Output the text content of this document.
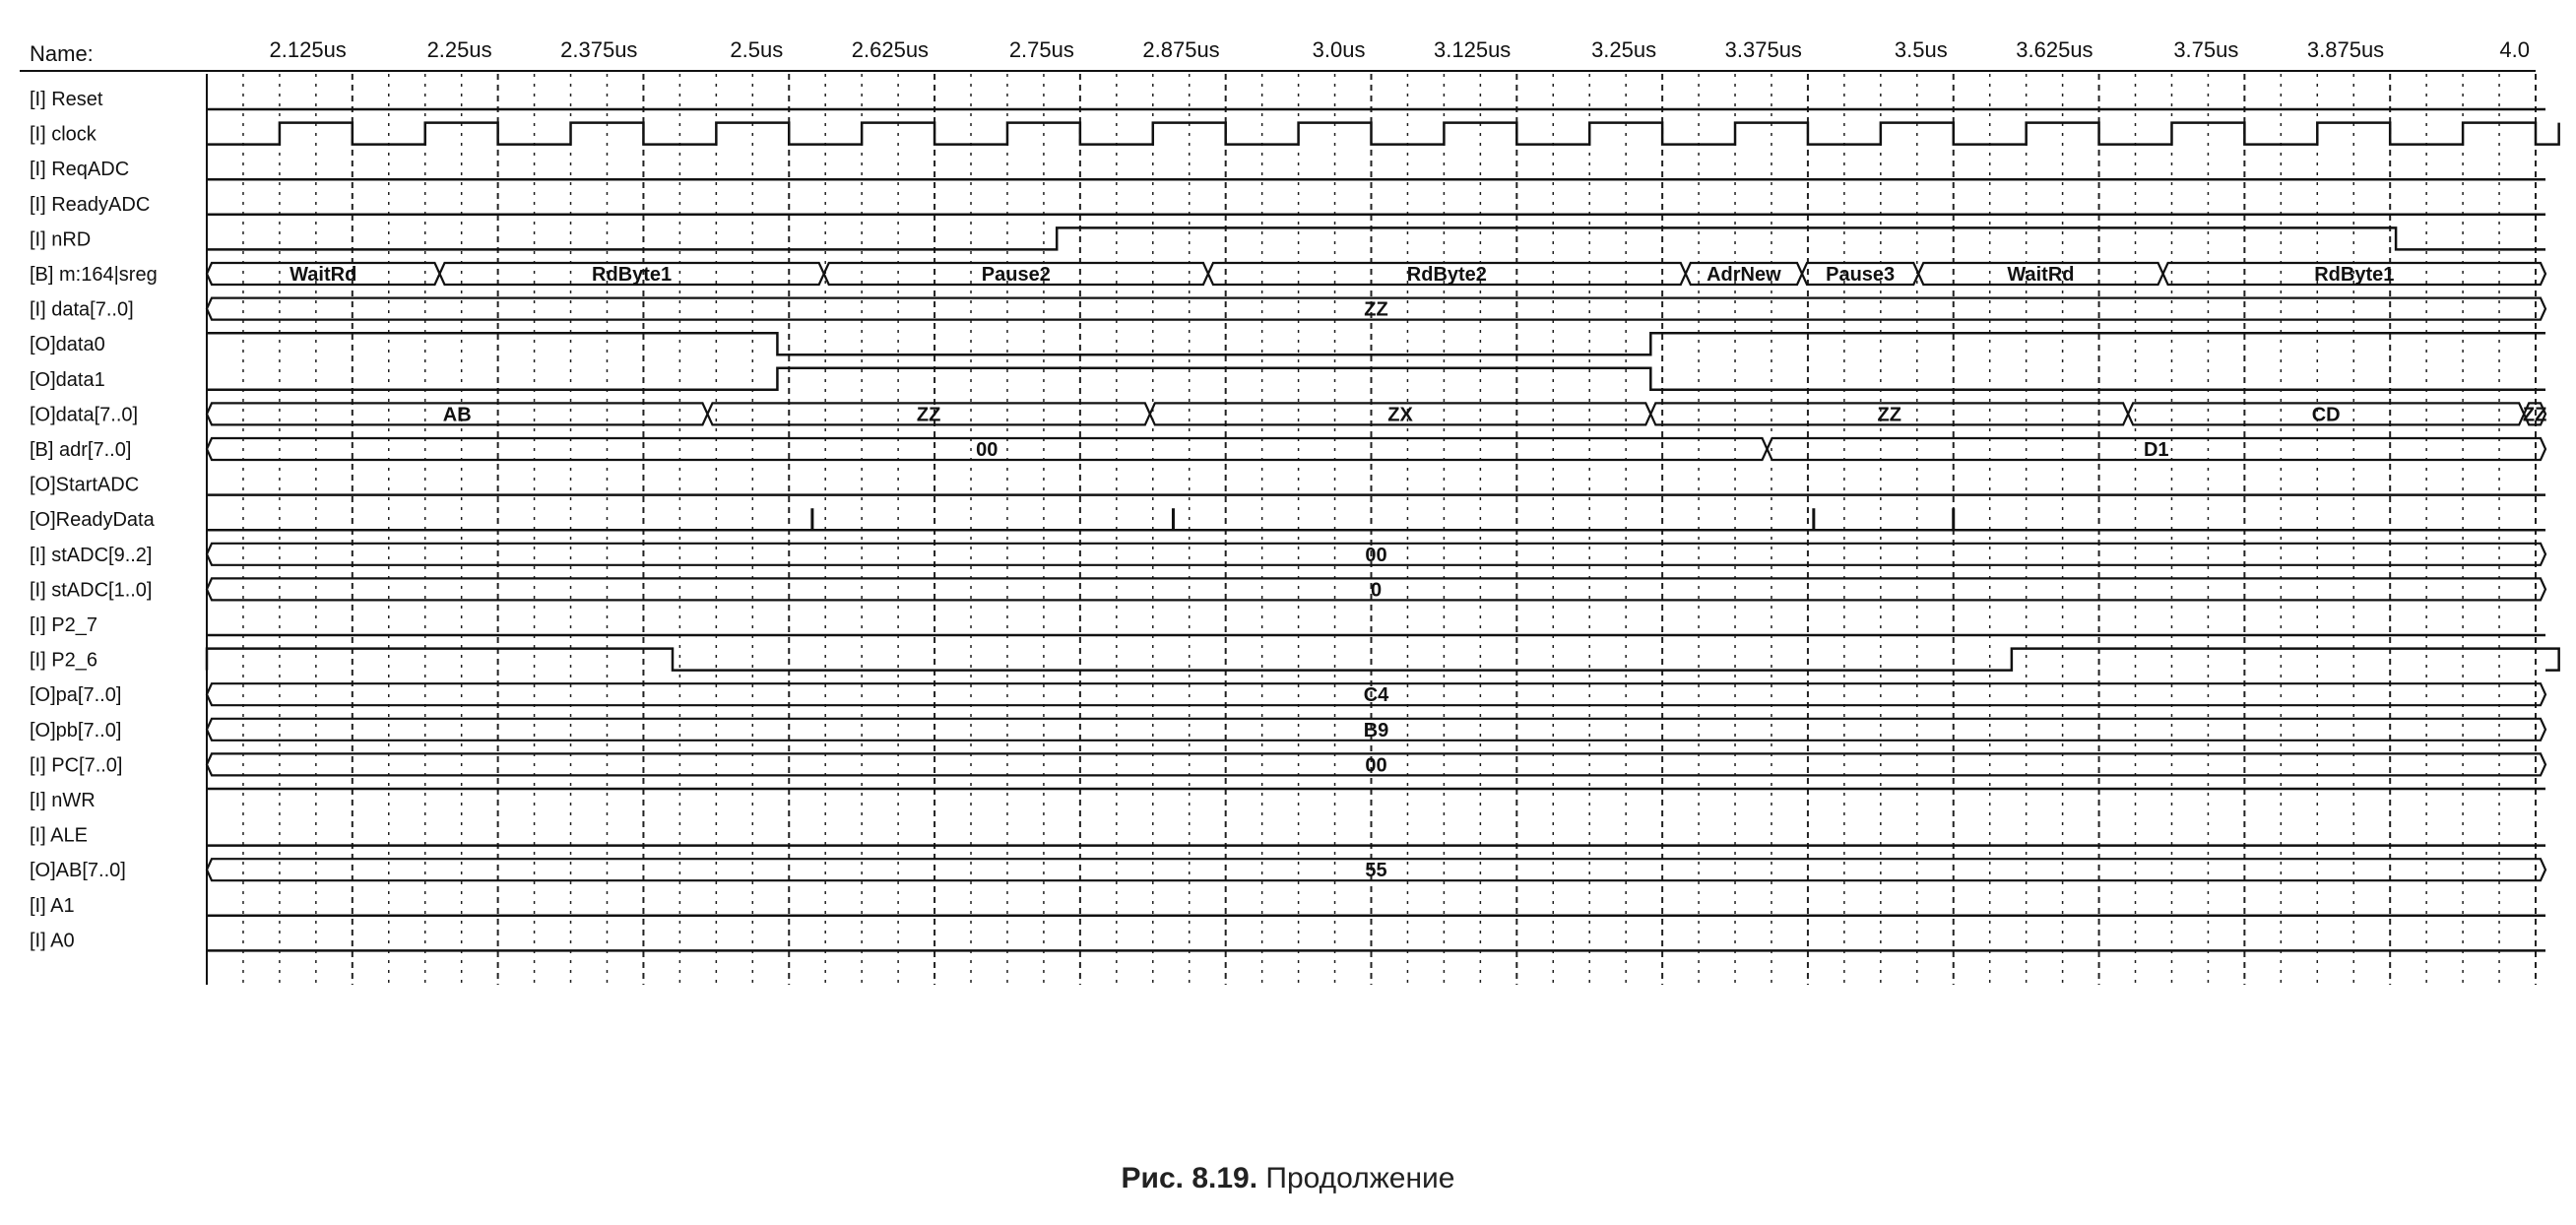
Name:	2.125us	2.25us	2.375us	2.5us	2.625us	2.75us	2.875us	3.0us	3.125us	3.25us	3.375us	3.5us	3.625us	3.75us	3.875us	4.0
[I] Reset
[I] clock
[I] ReqADC
[I] ReadyADC
[I] nRD
[B] m:164|sreg
[I] data[7..0]
[O]data0
[O]data1
[O]data[7..0]
[B] adr[7..0]
[O]StartADC
[O]ReadyData
[I] stADC[9..2]
[I] stADC[1..0]
[I] P2_7
[I] P2_6
[O]pa[7..0]
[O]pb[7..0]
[I] PC[7..0]
[I] nWR
[I] ALE
[O]AB[7..0]
[I] A1
[I] A0
WaitRd	RdByte1	Pause2	RdByte2	AdrNew Pause3	WaitRd	RdByte1
ZZ
AB	ZZ	ZX	ZZ	CD	ZZ
00	D1
00
0
C4
B9
00
55
Рис. 8.19. Продолжение
